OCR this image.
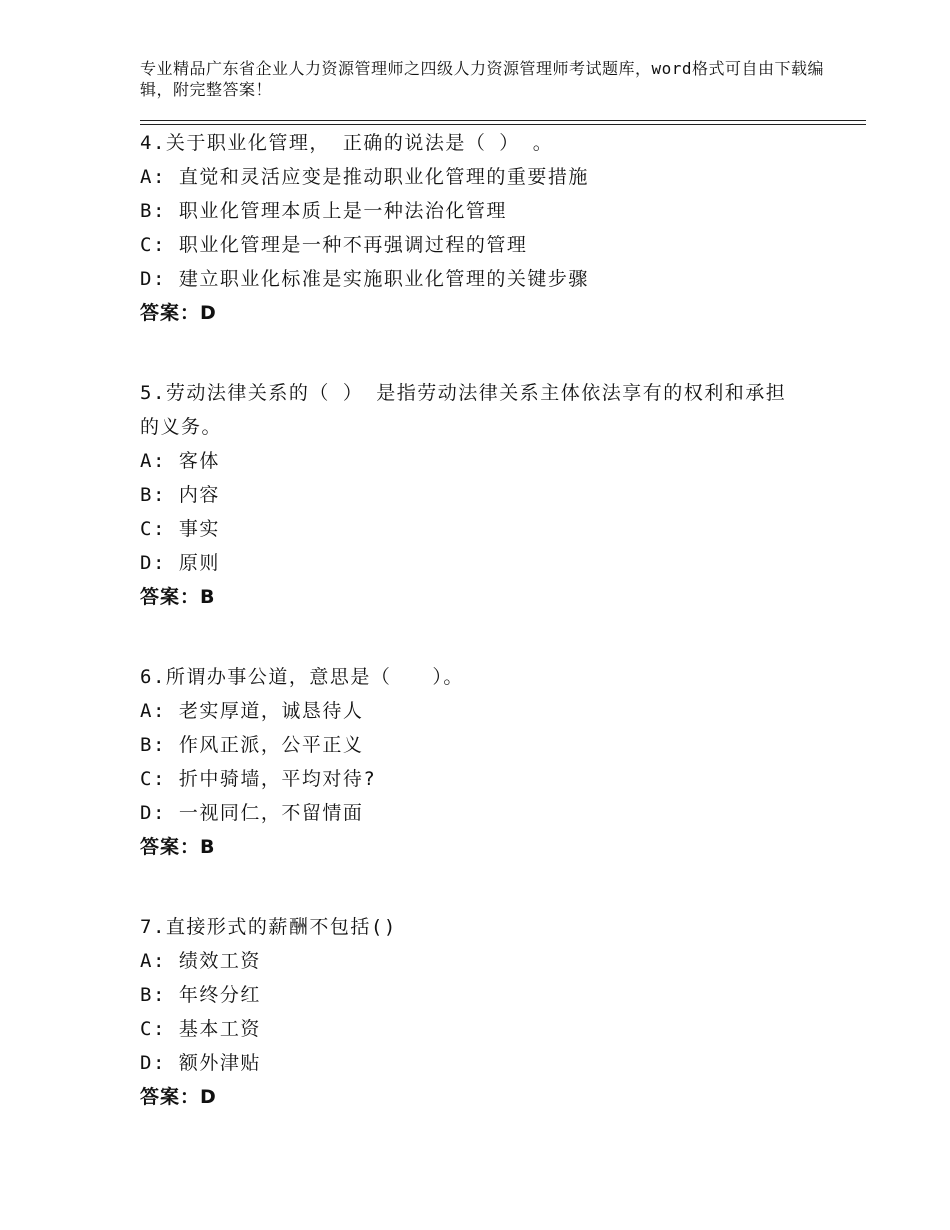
专业精品广东省企业人力资源管理师之四级人力资源管理师考试题库，word格式可自由下载编辑，附完整答案！
4.关于职业化管理， 正确的说法是（ ） 。
A: 直觉和灵活应变是推动职业化管理的重要措施
B: 职业化管理本质上是一种法治化管理
C: 职业化管理是一种不再强调过程的管理
D: 建立职业化标准是实施职业化管理的关键步骤
答案：D
5.劳动法律关系的（ ） 是指劳动法律关系主体依法享有的权利和承担的义务。
A: 客体
B: 内容
C: 事实
D: 原则
答案：B
6.所谓办事公道，意思是（　　）。
A: 老实厚道，诚恳待人
B: 作风正派，公平正义
C: 折中骑墙，平均对待?
D: 一视同仁，不留情面
答案：B
7.直接形式的薪酬不包括()
A: 绩效工资
B: 年终分红
C: 基本工资
D: 额外津贴
答案：D
